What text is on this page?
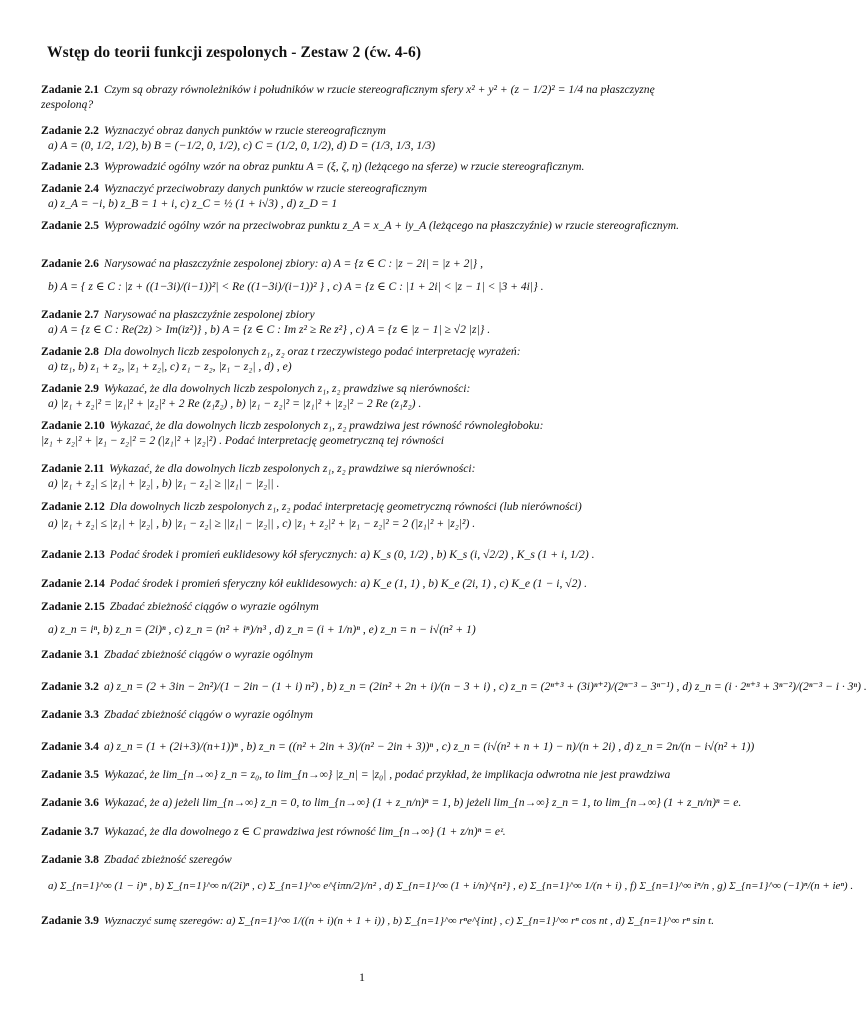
Wstęp do teorii funkcji zespolonych - Zestaw 2 (ćw. 4-6)
Zadanie 2.1 Czym są obrazy równoleżników i południków w rzucie stereograficznym sfery x² + y² + (z − 1/2)² = 1/4 na płaszczyznę zespoloną?
Zadanie 2.2 Wyznaczyć obraz danych punktów w rzucie stereograficznym
a) A = (0, 1/2, 1/2), b) B = (−1/2, 0, 1/2), c) C = (1/2, 0, 1/2), d) D = (1/3, 1/3, 1/3)
Zadanie 2.3 Wyprowadzić ogólny wzór na obraz punktu A = (ξ, ζ, η) (leżącego na sferze) w rzucie stereograficznym.
Zadanie 2.4 Wyznaczyć przeciwobrazy danych punktów w rzucie stereograficznym
a) z_A = −i, b) z_B = 1 + i, c) z_C = ½ (1 + i√3) , d) z_D = 1
Zadanie 2.5 Wyprowadzić ogólny wzór na przeciwobraz punktu z_A = x_A + iy_A (leżącego na płaszczyźnie) w rzucie stereograficznym.
Zadanie 2.6 Narysować na płaszczyźnie zespolonej zbiory: a) A = {z ∈ C : |z − 2i| = |z + 2|} ,
b) A = { z ∈ C : |z + ((1−3i)/(i−1))²| < Re ((1−3i)/(i−1))² } , c) A = {z ∈ C : |1 + 2i| < |z − 1| < |3 + 4i|} .
Zadanie 2.7 Narysować na płaszczyźnie zespolonej zbiory
a) A = {z ∈ C : Re(2z) > Im(iz²)} , b) A = {z ∈ C : Im z² ≥ Re z²} , c) A = {z ∈ |z − 1| ≥ √2 |z|} .
Zadanie 2.8 Dla dowolnych liczb zespolonych z₁, z₂ oraz t rzeczywistego podać interpretację wyrażeń:
a) tz₁, b) z₁ + z₂, |z₁ + z₂|, c) z₁ − z₂, |z₁ − z₂| , d) , e)
Zadanie 2.9 Wykazać, że dla dowolnych liczb zespolonych z₁, z₂ prawdziwe są nierówności:
a) |z₁ + z₂|² = |z₁|² + |z₂|² + 2 Re (z₁z̄₂) , b) |z₁ − z₂|² = |z₁|² + |z₂|² − 2 Re (z₁z̄₂) .
Zadanie 2.10 Wykazać, że dla dowolnych liczb zespolonych z₁, z₂ prawdziwa jest równość równoległoboku:
|z₁ + z₂|² + |z₁ − z₂|² = 2 (|z₁|² + |z₂|²) . Podać interpretację geometryczną tej równości
Zadanie 2.11 Wykazać, że dla dowolnych liczb zespolonych z₁, z₂ prawdziwe są nierówności:
a) |z₁ + z₂| ≤ |z₁| + |z₂| , b) |z₁ − z₂| ≥ ||z₁| − |z₂|| .
Zadanie 2.12 Dla dowolnych liczb zespolonych z₁, z₂ podać interpretację geometryczną równości (lub nierówności)
a) |z₁ + z₂| ≤ |z₁| + |z₂| , b) |z₁ − z₂| ≥ ||z₁| − |z₂|| , c) |z₁ + z₂|² + |z₁ − z₂|² = 2 (|z₁|² + |z₂|²) .
Zadanie 2.13 Podać środek i promień euklidesowy kół sferycznych: a) K_s (0, 1/2) , b) K_s (i, √2/2) , K_s (1 + i, 1/2) .
Zadanie 2.14 Podać środek i promień sferyczny kół euklidesowych: a) K_e (1, 1) , b) K_e (2i, 1) , c) K_e (1 − i, √2) .
Zadanie 2.15 Zbadać zbieżność ciągów o wyrazie ogólnym
a) z_n = iⁿ, b) z_n = (2i)ⁿ , c) z_n = (n² + iⁿ)/n³ , d) z_n = (i + 1/n)ⁿ , e) z_n = n − i√(n² + 1)
Zadanie 3.1 Zbadać zbieżność ciągów o wyrazie ogólnym
Zadanie 3.2 a) z_n = (2 + 3in − 2n²)/(1 − 2in − (1 + i) n²) , b) z_n = (2in² + 2n + i)/(n − 3 + i) , c) z_n = (2ⁿ⁺³ + (3i)ⁿ⁺²)/(2ⁿ⁻³ − 3ⁿ⁻¹) , d) z_n = (i · 2ⁿ⁺³ + 3ⁿ⁻²)/(2ⁿ⁻³ − i · 3ⁿ) .
Zadanie 3.3 Zbadać zbieżność ciągów o wyrazie ogólnym
Zadanie 3.4 a) z_n = (1 + (2i+3)/(n+1))ⁿ , b) z_n = ((n² + 2in + 3)/(n² − 2in + 3))ⁿ , c) z_n = (i√(n² + n + 1) − n)/(n + 2i) , d) z_n = 2n/(n − i√(n² + 1))
Zadanie 3.5 Wykazać, że lim_{n→∞} z_n = z₀, to lim_{n→∞} |z_n| = |z₀| , podać przykład, że implikacja odwrotna nie jest prawdziwa
Zadanie 3.6 Wykazać, że a) jeżeli lim_{n→∞} z_n = 0, to lim_{n→∞} (1 + z_n/n)ⁿ = 1, b) jeżeli lim_{n→∞} z_n = 1, to lim_{n→∞} (1 + z_n/n)ⁿ = e.
Zadanie 3.7 Wykazać, że dla dowolnego z ∈ C prawdziwa jest równość lim_{n→∞} (1 + z/n)ⁿ = eᶻ.
Zadanie 3.8 Zbadać zbieżność szeregów
a) Σ_{n=1}^∞ (1 − i)ⁿ , b) Σ_{n=1}^∞ n/(2i)ⁿ , c) Σ_{n=1}^∞ e^{iπn/2}/n² , d) Σ_{n=1}^∞ (1 + i/n)^{n²} , e) Σ_{n=1}^∞ 1/(n + i) , f) Σ_{n=1}^∞ iⁿ/n , g) Σ_{n=1}^∞ (−1)ⁿ/(n + ieⁿ) .
Zadanie 3.9 Wyznaczyć sumę szeregów: a) Σ_{n=1}^∞ 1/((n + i)(n + 1 + i)) , b) Σ_{n=1}^∞ rⁿe^{int} , c) Σ_{n=1}^∞ rⁿ cos nt , d) Σ_{n=1}^∞ rⁿ sin t.
1
